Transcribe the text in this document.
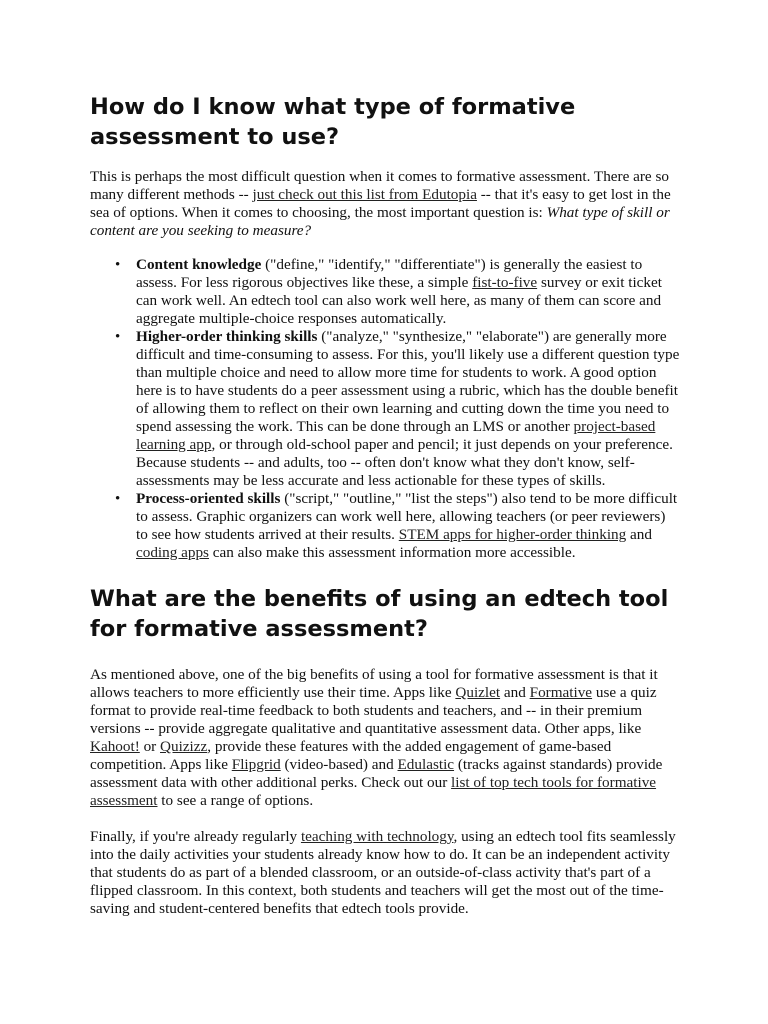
How do I know what type of formative assessment to use?

This is perhaps the most difficult question when it comes to formative assessment. There are so many different methods -- just check out this list from Edutopia -- that it's easy to get lost in the sea of options. When it comes to choosing, the most important question is: What type of skill or content are you seeking to measure?

• Content knowledge ("define," "identify," "differentiate") is generally the easiest to assess. For less rigorous objectives like these, a simple fist-to-five survey or exit ticket can work well. An edtech tool can also work well here, as many of them can score and aggregate multiple-choice responses automatically.
• Higher-order thinking skills ("analyze," "synthesize," "elaborate") are generally more difficult and time-consuming to assess. For this, you'll likely use a different question type than multiple choice and need to allow more time for students to work. A good option here is to have students do a peer assessment using a rubric, which has the double benefit of allowing them to reflect on their own learning and cutting down the time you need to spend assessing the work. This can be done through an LMS or another project-based learning app, or through old-school paper and pencil; it just depends on your preference. Because students -- and adults, too -- often don't know what they don't know, self-assessments may be less accurate and less actionable for these types of skills.
• Process-oriented skills ("script," "outline," "list the steps") also tend to be more difficult to assess. Graphic organizers can work well here, allowing teachers (or peer reviewers) to see how students arrived at their results. STEM apps for higher-order thinking and coding apps can also make this assessment information more accessible.
What are the benefits of using an edtech tool for formative assessment?

As mentioned above, one of the big benefits of using a tool for formative assessment is that it allows teachers to more efficiently use their time. Apps like Quizlet and Formative use a quiz format to provide real-time feedback to both students and teachers, and -- in their premium versions -- provide aggregate qualitative and quantitative assessment data. Other apps, like Kahoot! or Quizizz, provide these features with the added engagement of game-based competition. Apps like Flipgrid (video-based) and Edulastic (tracks against standards) provide assessment data with other additional perks. Check out our list of top tech tools for formative assessment to see a range of options.

Finally, if you're already regularly teaching with technology, using an edtech tool fits seamlessly into the daily activities your students already know how to do. It can be an independent activity that students do as part of a blended classroom, or an outside-of-class activity that's part of a flipped classroom. In this context, both students and teachers will get the most out of the time-saving and student-centered benefits that edtech tools provide.
